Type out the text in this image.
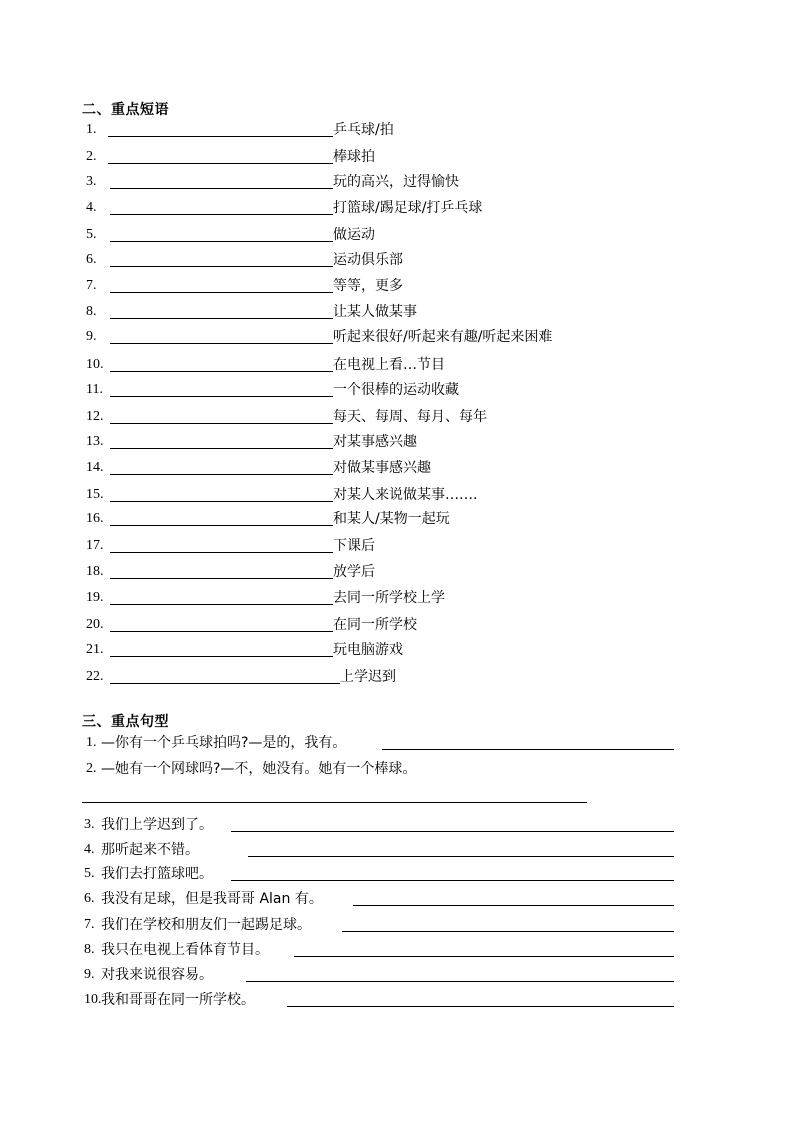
二、重点短语
1.	乒乓球/拍
2.	棒球拍
3.	玩的高兴，过得愉快
4.	打篮球/踢足球/打乒乓球
5.	做运动
6.	运动俱乐部
7.	等等，更多
8.	让某人做某事
9.	听起来很好/听起来有趣/听起来困难
10.	在电视上看…节目
11.	一个很棒的运动收藏
12.	每天、每周、每月、每年
13.	对某事感兴趣
14.	对做某事感兴趣
15.	对某人来说做某事…….
16.	和某人/某物一起玩
17.	下课后
18.	放学后
19.	去同一所学校上学
20.	在同一所学校
21.	玩电脑游戏
22.	上学迟到
三、重点句型
1. —你有一个乒乓球拍吗?—是的，我有。
2. —她有一个网球吗?—不，她没有。她有一个棒球。
3. 我们上学迟到了。
4. 那听起来不错。
5. 我们去打篮球吧。
6. 我没有足球，但是我哥哥 Alan 有。
7. 我们在学校和朋友们一起踢足球。
8. 我只在电视上看体育节目。
9. 对我来说很容易。
10. 我和哥哥在同一所学校。
